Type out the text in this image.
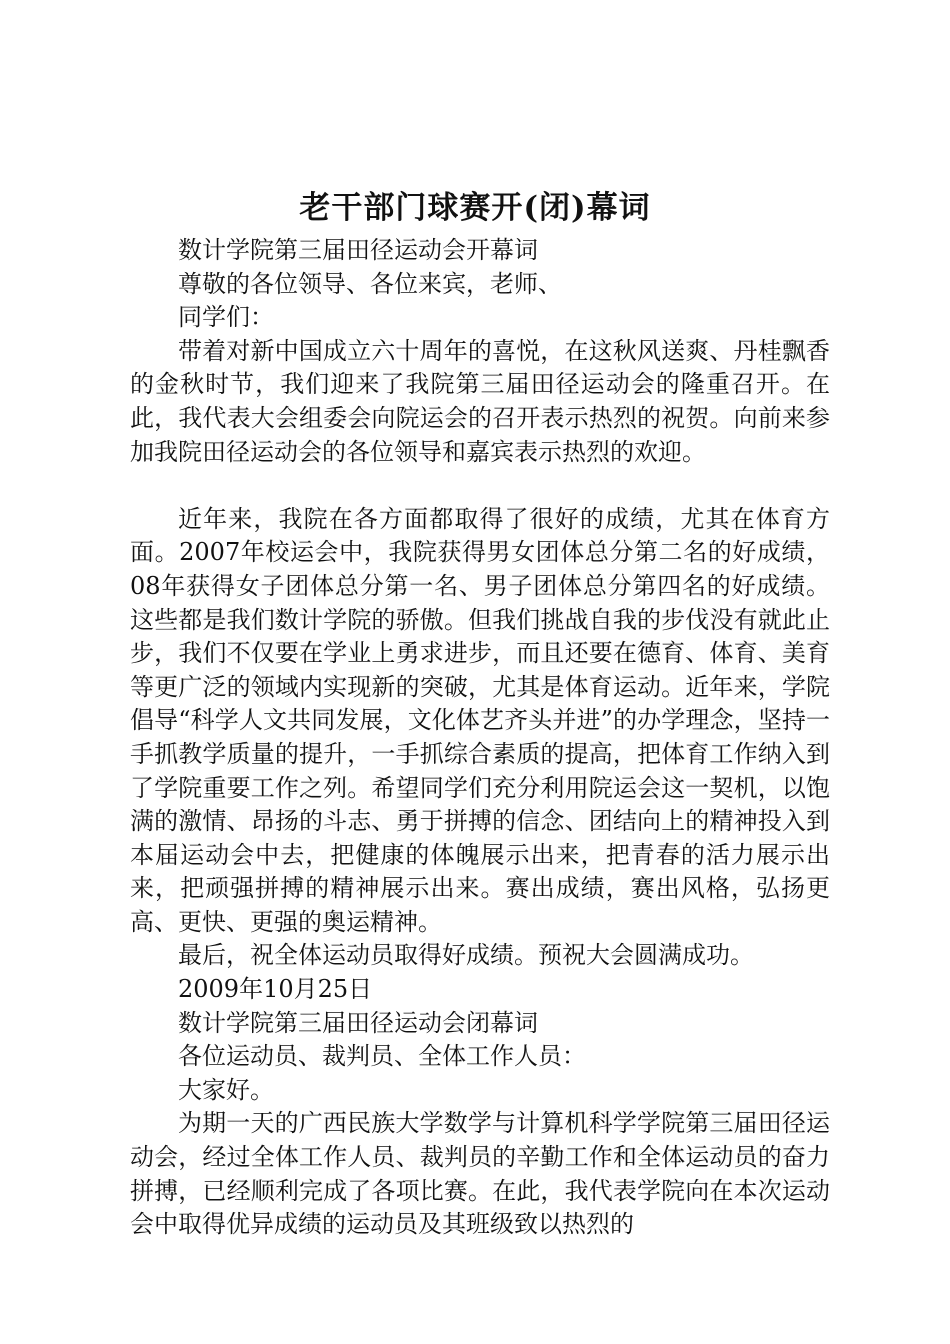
老干部门球赛开(闭)幕词

数计学院第三届田径运动会开幕词

尊敬的各位领导、各位来宾，老师、

同学们：

带着对新中国成立六十周年的喜悦，在这秋风送爽、丹桂飘香的金秋时节，我们迎来了我院第三届田径运动会的隆重召开。在此，我代表大会组委会向院运会的召开表示热烈的祝贺。向前来参加我院田径运动会的各位领导和嘉宾表示热烈的欢迎。

近年来，我院在各方面都取得了很好的成绩，尤其在体育方面。2007年校运会中，我院获得男女团体总分第二名的好成绩，08年获得女子团体总分第一名、男子团体总分第四名的好成绩。这些都是我们数计学院的骄傲。但我们挑战自我的步伐没有就此止步，我们不仅要在学业上勇求进步，而且还要在德育、体育、美育等更广泛的领域内实现新的突破，尤其是体育运动。近年来，学院倡导“科学人文共同发展，文化体艺齐头并进”的办学理念，坚持一手抓教学质量的提升，一手抓综合素质的提高，把体育工作纳入到了学院重要工作之列。希望同学们充分利用院运会这一契机，以饱满的激情、昂扬的斗志、勇于拼搏的信念、团结向上的精神投入到本届运动会中去，把健康的体魄展示出来，把青春的活力展示出来，把顽强拼搏的精神展示出来。赛出成绩，赛出风格，弘扬更高、更快、更强的奥运精神。

最后，祝全体运动员取得好成绩。预祝大会圆满成功。

2009年10月25日

数计学院第三届田径运动会闭幕词

各位运动员、裁判员、全体工作人员：

大家好。

为期一天的广西民族大学数学与计算机科学学院第三届田径运动会，经过全体工作人员、裁判员的辛勤工作和全体运动员的奋力拼搏，已经顺利完成了各项比赛。在此，我代表学院向在本次运动会中取得优异成绩的运动员及其班级致以热烈的
